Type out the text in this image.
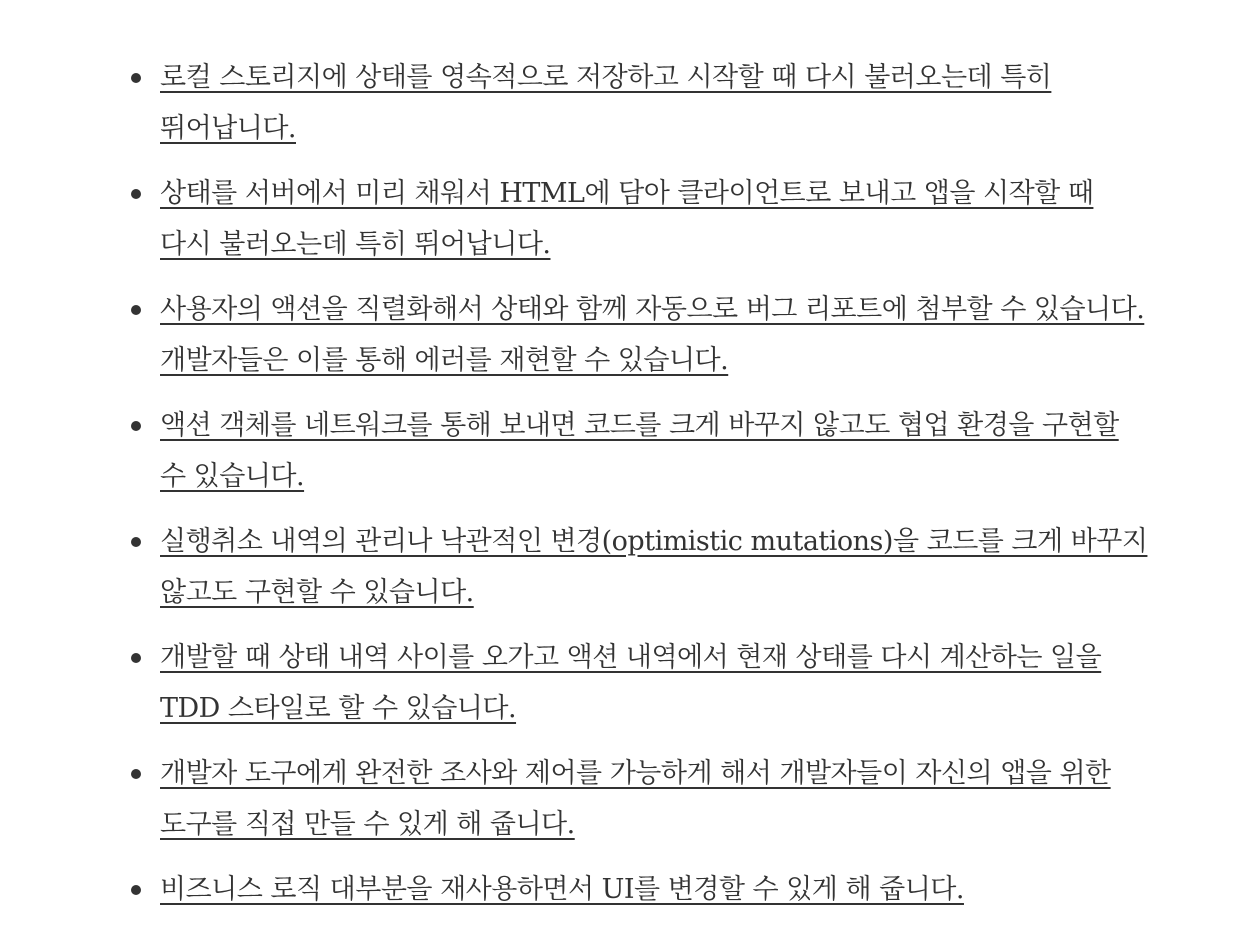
로컬 스토리지에 상태를 영속적으로 저장하고 시작할 때 다시 불러오는데 특히 뛰어납니다.
상태를 서버에서 미리 채워서 HTML에 담아 클라이언트로 보내고 앱을 시작할 때 다시 불러오는데 특히 뛰어납니다.
사용자의 액션을 직렬화해서 상태와 함께 자동으로 버그 리포트에 첨부할 수 있습니다. 개발자들은 이를 통해 에러를 재현할 수 있습니다.
액션 객체를 네트워크를 통해 보내면 코드를 크게 바꾸지 않고도 협업 환경을 구현할 수 있습니다.
실행취소 내역의 관리나 낙관적인 변경(optimistic mutations)을 코드를 크게 바꾸지 않고도 구현할 수 있습니다.
개발할 때 상태 내역 사이를 오가고 액션 내역에서 현재 상태를 다시 계산하는 일을 TDD 스타일로 할 수 있습니다.
개발자 도구에게 완전한 조사와 제어를 가능하게 해서 개발자들이 자신의 앱을 위한 도구를 직접 만들 수 있게 해 줍니다.
비즈니스 로직 대부분을 재사용하면서 UI를 변경할 수 있게 해 줍니다.
